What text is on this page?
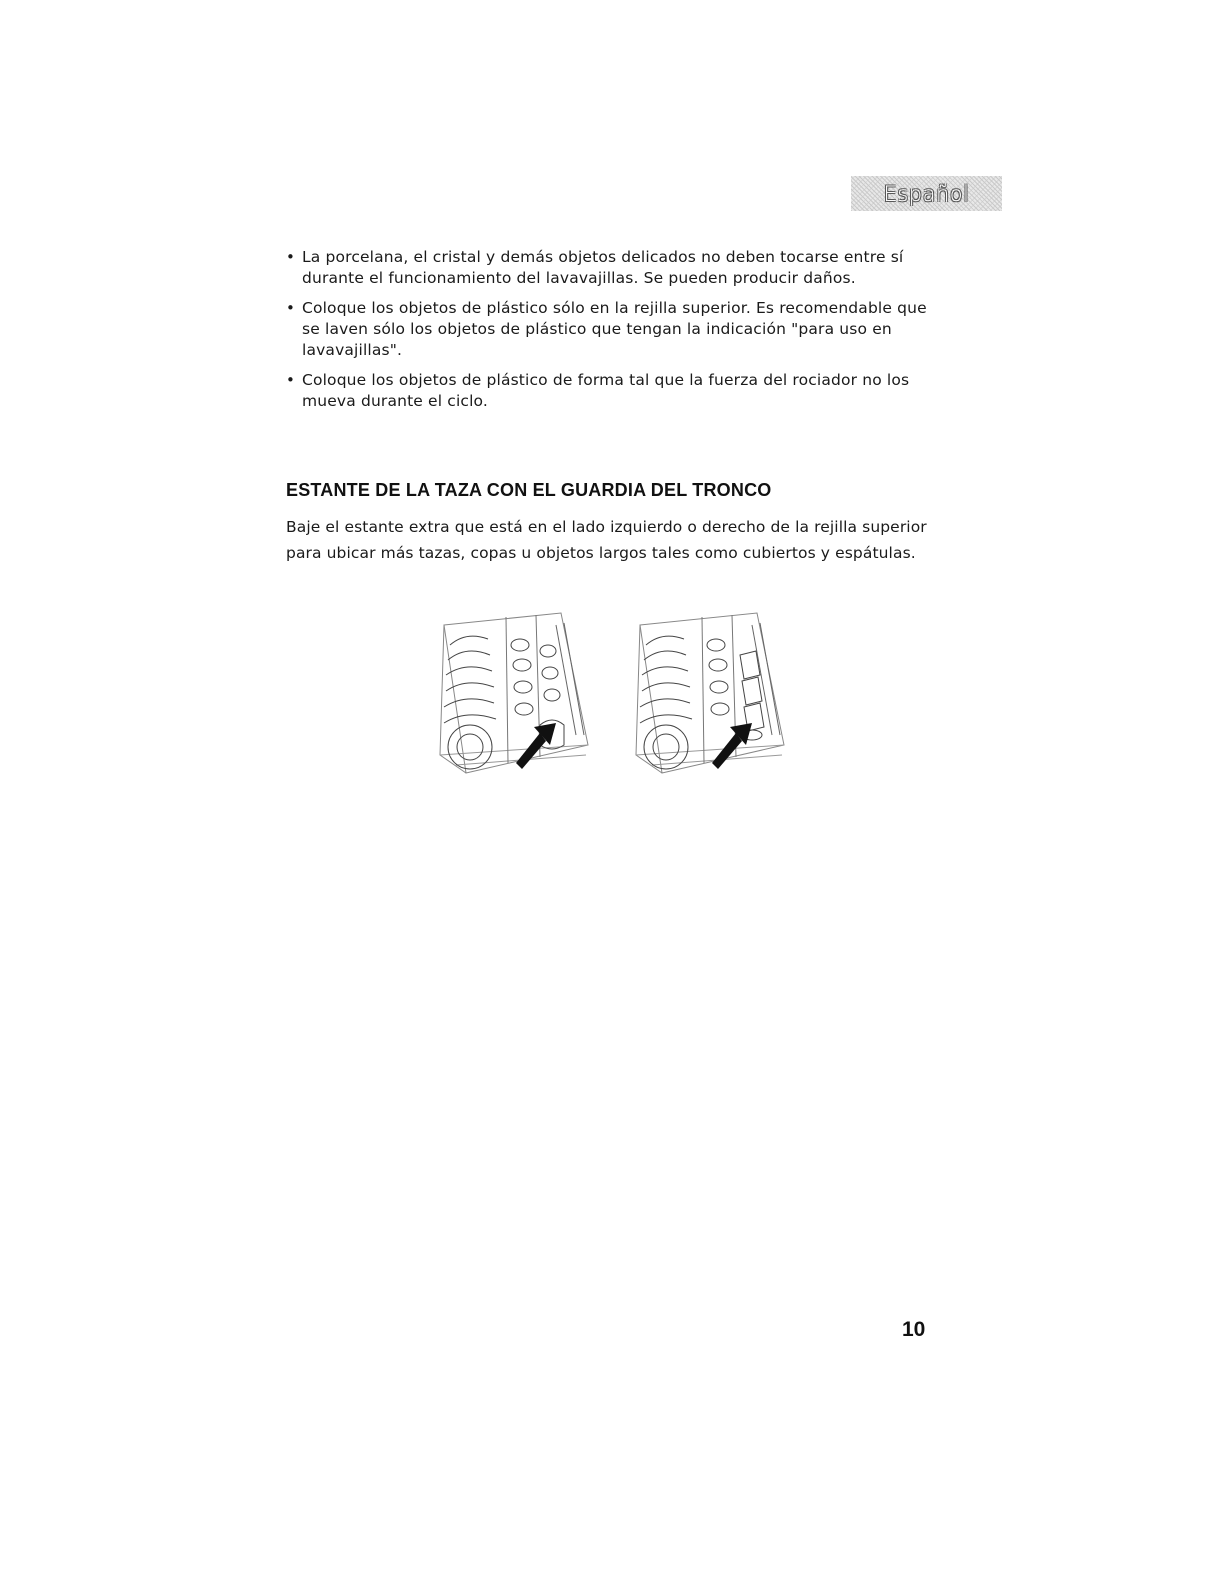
Español
• La porcelana, el cristal y demás objetos delicados no deben tocarse entre sí durante el funcionamiento del lavavajillas. Se pueden producir daños.
• Coloque los objetos de plástico sólo en la rejilla superior. Es recomendable que se laven sólo los objetos de plástico que tengan la indicación "para uso en lavavajillas".
• Coloque los objetos de plástico de forma tal que la fuerza del rociador no los mueva durante el ciclo.
ESTANTE DE LA TAZA CON EL GUARDIA DEL TRONCO

Baje el estante extra que está en el lado izquierdo o derecho de la rejilla superior para ubicar más tazas, copas u objetos largos tales como cubiertos y espátulas.

10
